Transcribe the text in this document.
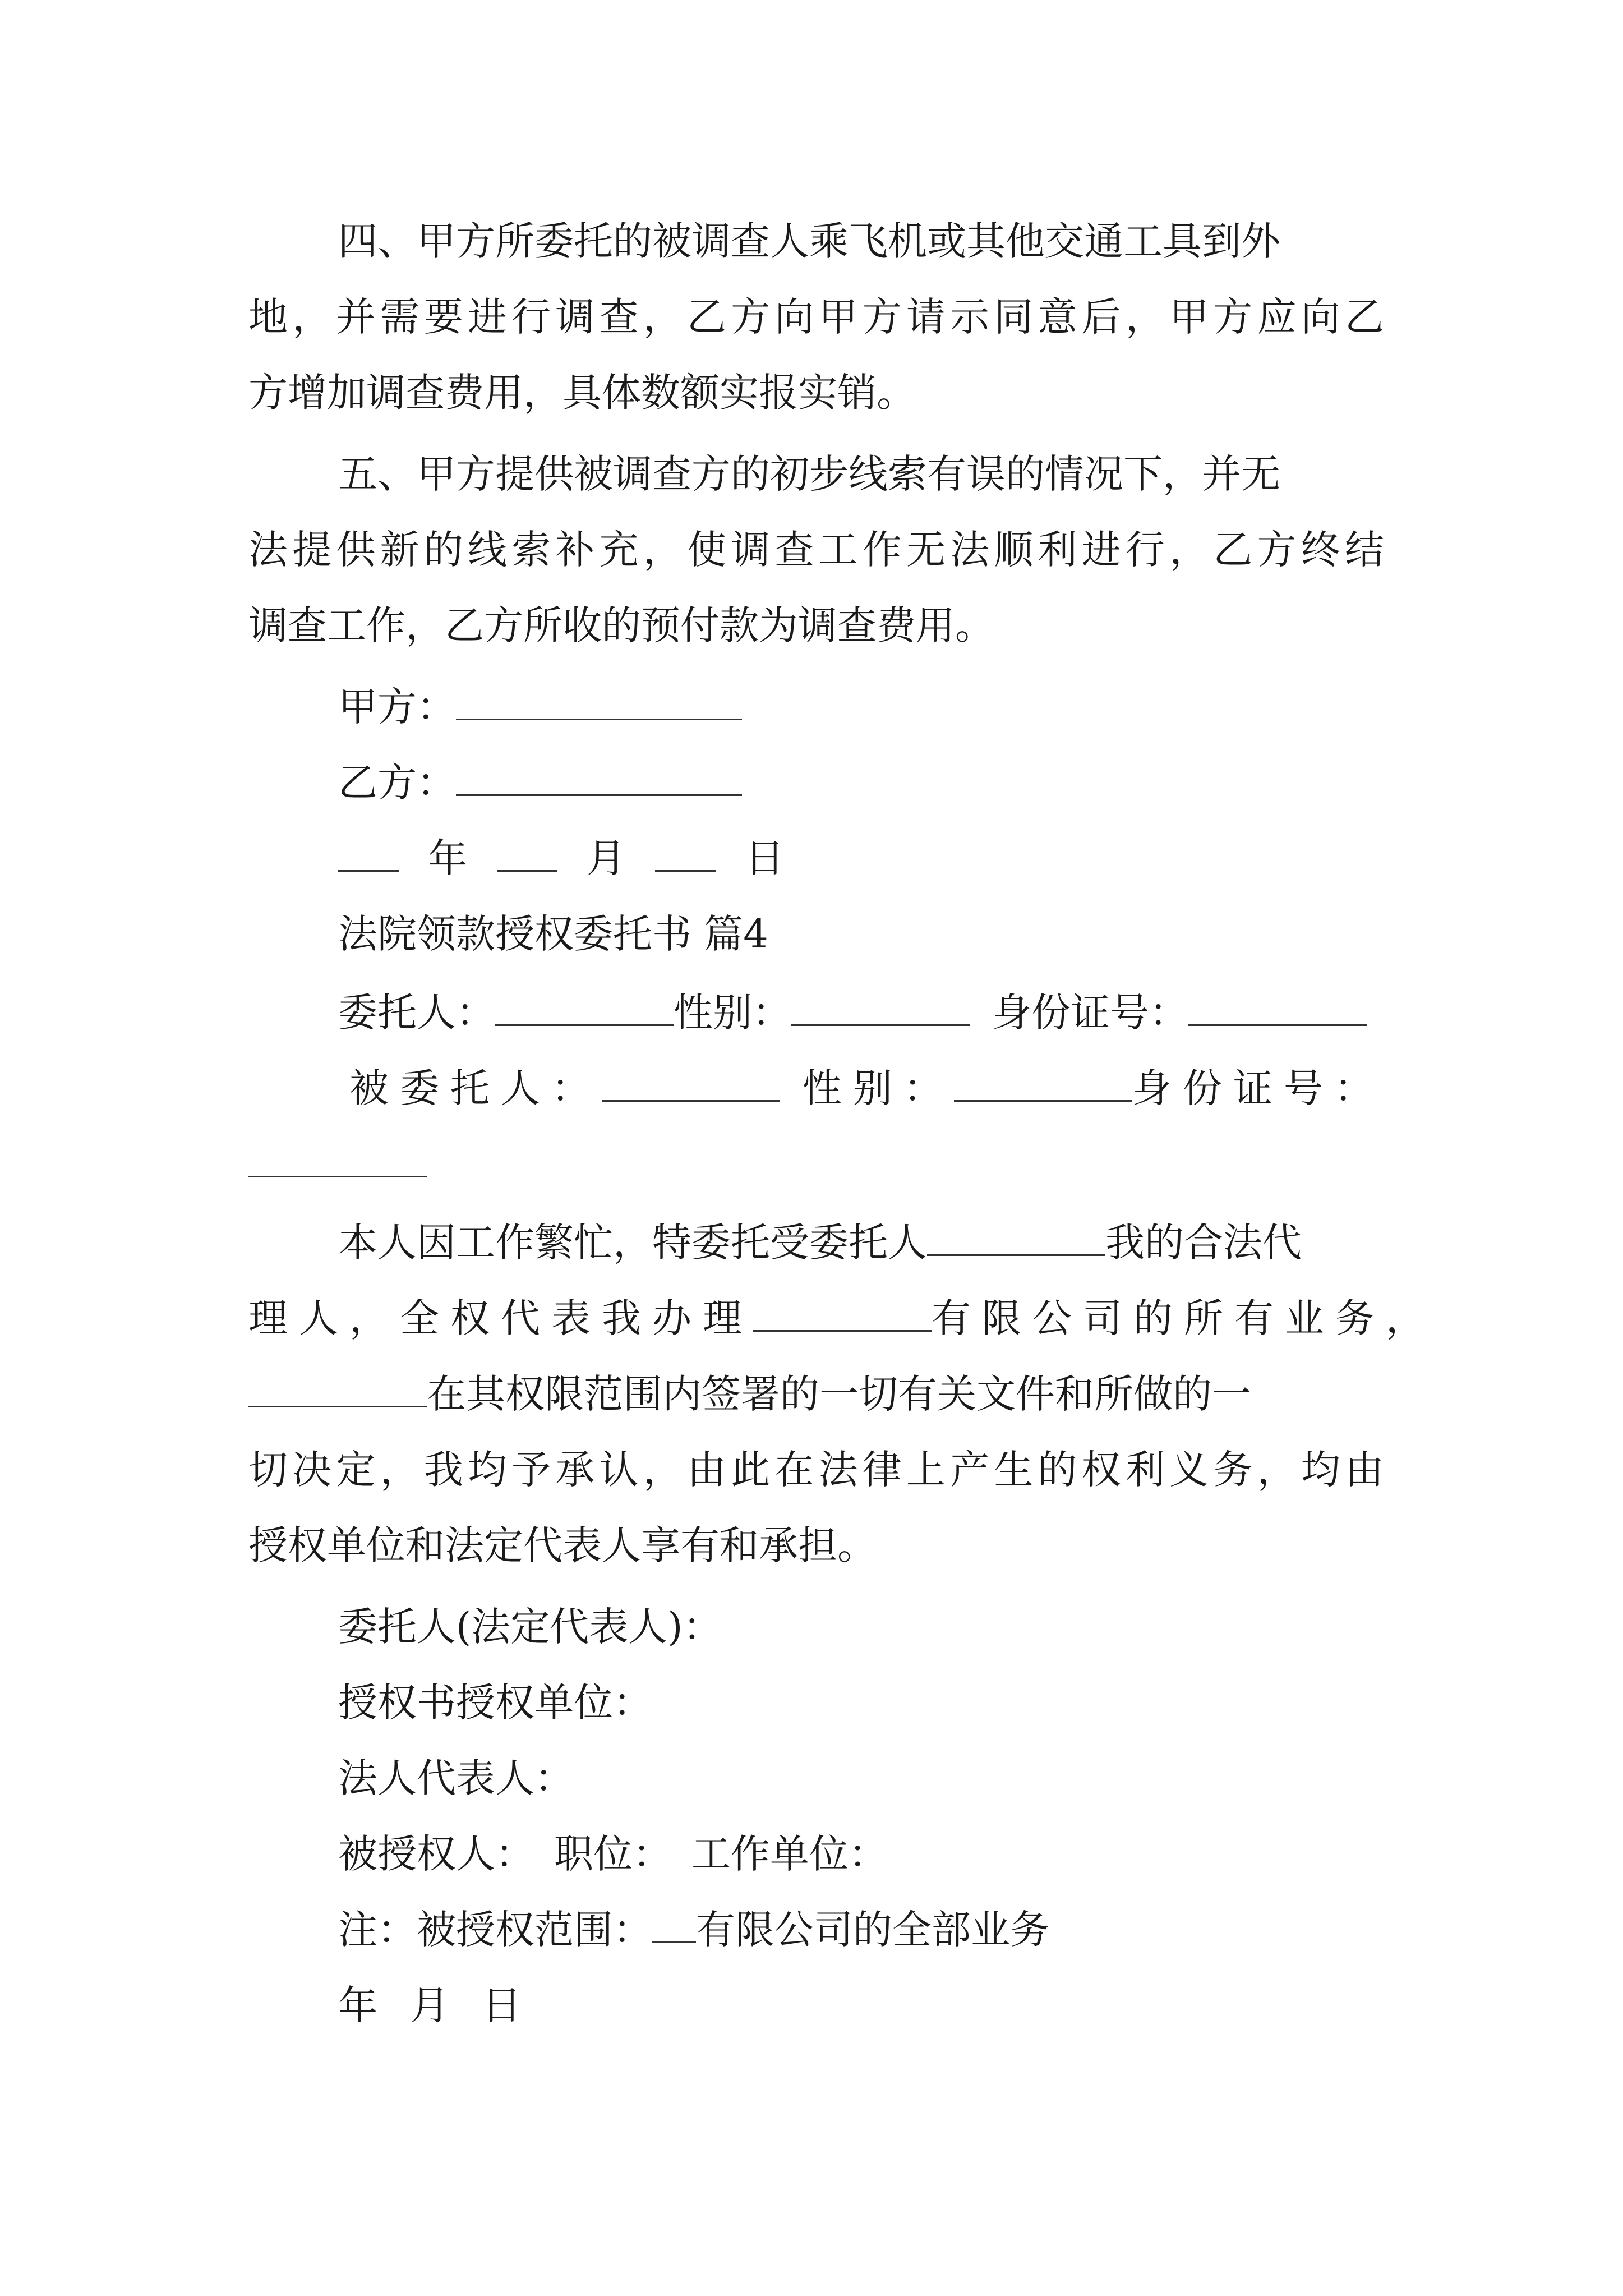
四、甲方所委托的被调查人乘飞机或其他交通工具到外
地，并需要进行调查，乙方向甲方请示同意后，甲方应向乙
方增加调查费用，具体数额实报实销。
五、甲方提供被调查方的初步线索有误的情况下，并无
法提供新的线索补充，使调查工作无法顺利进行，乙方终结
调查工作，乙方所收的预付款为调查费用。
甲方：
乙方：
年	月	日
法院领款授权委托书 篇4
委托人：	性别：	身份证号：
被委托人：	性别：	身份证号：
本人因工作繁忙，特委托受委托人	我的合法代
理人，全权代表我办理	有限公司的所有业务，
在其权限范围内签署的一切有关文件和所做的一
切决定，我均予承认，由此在法律上产生的权利义务，均由
授权单位和法定代表人享有和承担。
委托人(法定代表人)：
授权书授权单位：
法人代表人：
被授权人： 职位： 工作单位：
注：被授权范围： 有限公司的全部业务
年 月 日
